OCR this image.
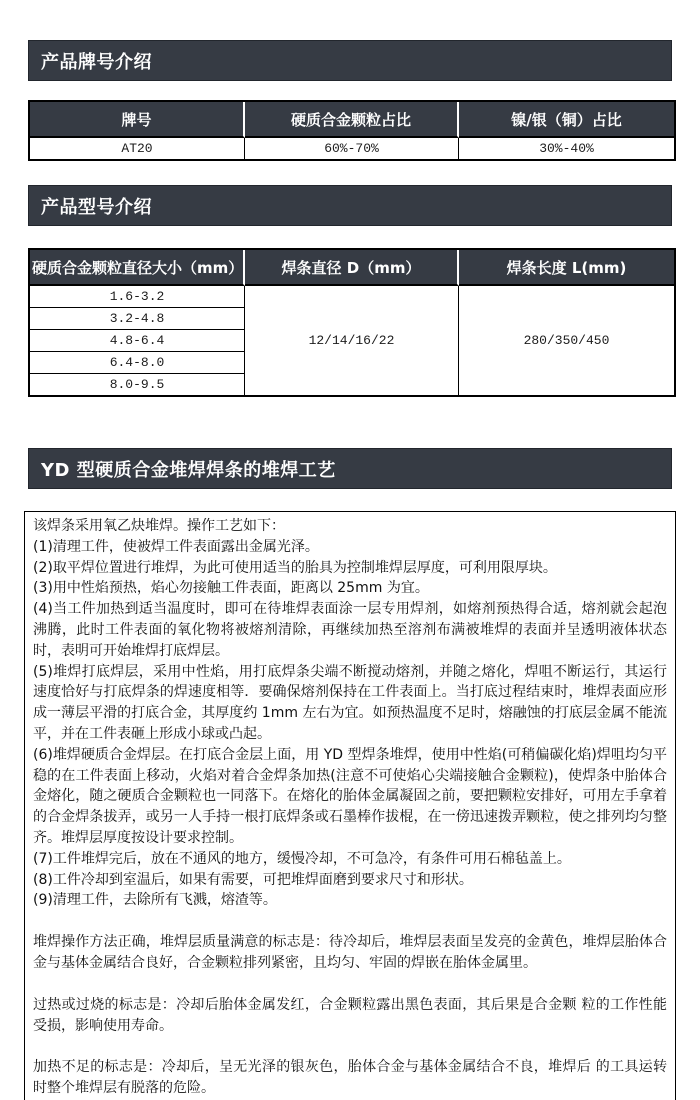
产品牌号介绍
牌号	硬质合金颗粒占比	镍/银（铜）占比
AT20	60%-70%	30%-40%
产品型号介绍
硬质合金颗粒直径大小（mm）	焊条直径 D（mm）	焊条长度 L(mm)
1.6-3.2	12/14/16/22	280/350/450
3.2-4.8		
4.8-6.4		
6.4-8.0		
8.0-9.5		
YD 型硬质合金堆焊焊条的堆焊工艺

该焊条采用氧乙炔堆焊。操作工艺如下：

(1)清理工件，使被焊工件表面露出金属光泽。

(2)取平焊位置进行堆焊，为此可使用适当的胎具为控制堆焊层厚度，可利用限厚块。

(3)用中性焰预热，焰心勿接触工件表面，距离以 25mm 为宜。

(4)当工件加热到适当温度时，即可在待堆焊表面涂一层专用焊剂，如熔剂预热得合适，熔剂就会起泡沸腾，此时工件表面的氧化物将被熔剂清除，再继续加热至溶剂布满被堆焊的表面并呈透明液体状态时，表明可开始堆焊打底焊层。

(5)堆焊打底焊层，采用中性焰，用打底焊条尖端不断搅动熔剂，并随之熔化，焊咀不断运行，其运行速度恰好与打底焊条的焊速度相等．要确保熔剂保持在工件表面上。当打底过程结束时，堆焊表面应形成一薄层平滑的打底合金，其厚度约 1mm 左右为宜。如预热温度不足时，熔融蚀的打底层金属不能流平，并在工件表砸上形成小球或凸起。

(6)堆焊硬质合金焊层。在打底合金层上面，用 YD 型焊条堆焊，使用中性焰(可稍偏碳化焰)焊咀均匀平稳的在工件表面上移动，火焰对着合金焊条加热(注意不可使焰心尖端接触合金颗粒)，使焊条中胎体合金熔化，随之硬质合金颗粒也一同落下。在熔化的胎体金属凝固之前，要把颗粒安排好，可用左手拿着的合金焊条拔弄，或另一人手持一根打底焊条或石墨棒作拔棍，在一傍迅速拨弄颗粒，使之排列均匀整齐。堆焊层厚度按设计要求控制。

(7)工件堆焊完后，放在不通风的地方，缓慢冷却，不可急冷，有条件可用石棉毡盖上。

(8)工件冷却到室温后，如果有需要，可把堆焊面磨到要求尺寸和形状。

(9)清理工件，去除所有飞溅，熔渣等。

堆焊操作方法正确，堆焊层质量满意的标志是：待冷却后，堆焊层表面呈发亮的金黄色，堆焊层胎体合金与基体金属结合良好，合金颗粒排列紧密，且均匀、牢固的焊嵌在胎体金属里。

过热或过烧的标志是：冷却后胎体金属发红，合金颗粒露出黑色表面，其后果是合金颗 粒的工作性能受损，影响使用寿命。

加热不足的标志是：冷却后，呈无光泽的银灰色，胎体合金与基体金属结合不良，堆焊后 的工具运转时整个堆焊层有脱落的危险。
